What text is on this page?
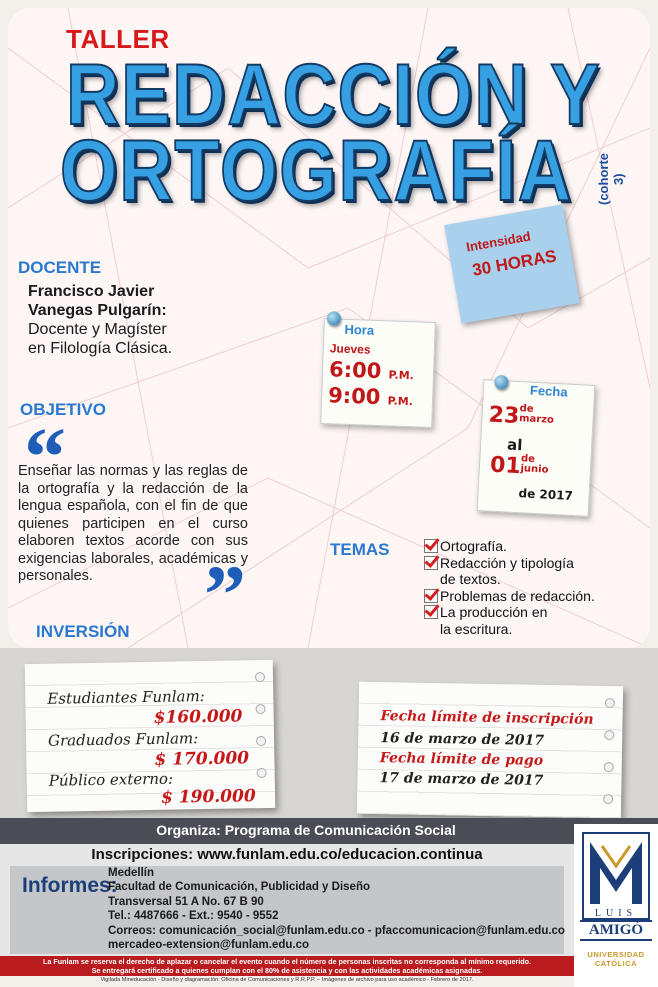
TALLER
REDACCIÓN Y
ORTOGRAFÍA (cohorte 3)
DOCENTE
Francisco Javier
Vanegas Pulgarín:
Docente y Magíster
en Filología Clásica.
Intensidad
30 HORAS
Hora
Jueves
6:00 P.M.
9:00 P.M.
Fecha
23de
marzo
al
01de
junio
de 2017
OBJETIVO
“
Enseñar las normas y las reglas de la ortografía y la redacción de la lengua española, con el fin de que quienes participen en el curso elaboren textos acorde con sus exigencias laborales, académicas y personales.	”	TEMAS	Ortografía.
Redacción y tipología de textos.
Problemas de redacción.
La producción en la escritura.
INVERSIÓN
Estudiantes Funlam:
$160.000
Graduados Funlam:
$ 170.000
Público externo:
$ 190.000
Fecha límite de inscripción
16 de marzo de 2017
Fecha límite de pago
17 de marzo de 2017
Organiza: Programa de Comunicación Social
Inscripciones: www.funlam.edu.co/educacion.continua
Informes:
Medellín
Facultad de Comunicación, Publicidad y Diseño
Transversal 51 A No. 67 B 90
Tel.: 4487666 - Ext.: 9540 - 9552
Correos: comunicación_social@funlam.edu.co - pfaccomunicacion@funlam.edu.co
mercadeo-extension@funlam.edu.co
La Funlam se reserva el derecho de aplazar o cancelar el evento cuando el número de personas inscritas no corresponda al mínimo requerido.
Se entregará certificado a quienes cumplan con el 80% de asistencia y con las actividades académicas asignadas.
Vigilada Mineducación - Diseño y diagramación: Oficina de Comunicaciones y R.R.P.P. – Imágenes de archivo para uso académico - Febrero de 2017.
LUIS
AMIGÓ
UNIVERSIDAD
CATÓLICA
